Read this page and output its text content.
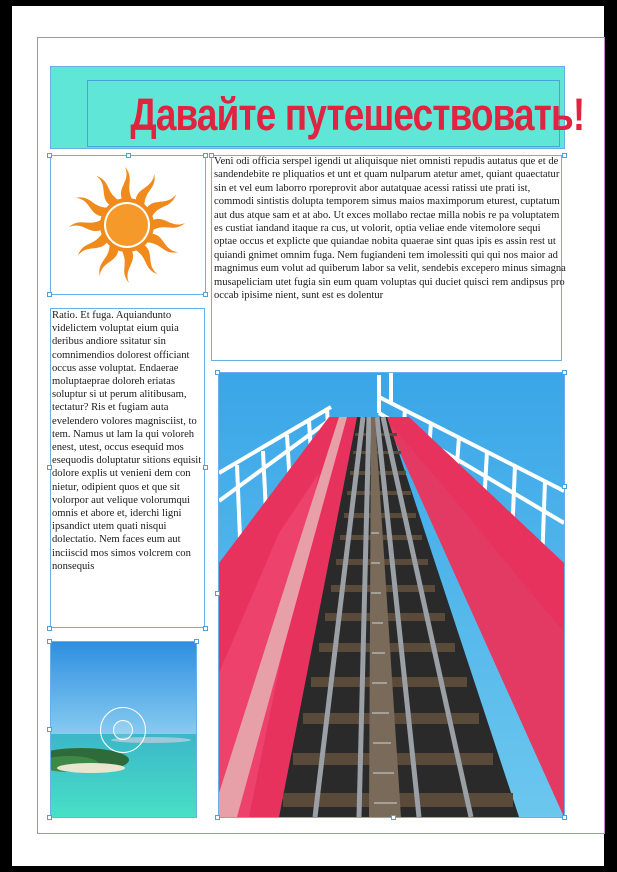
Давайте путешествовать!
Veni odi officia serspel igendi ut aliquisque niet omnisti repudis autatus que et de sandendebite re pliquatios et unt et quam nulparum atetur amet, quiant quaectatur sin et vel eum laborro rporeprovit abor autatquae acessi ratissi ute prati ist, commodi sintistis dolupta temporem simus maios maximporum eturest, cuptatum aut dus atque sam et at abo. Ut exces mollabo rectae milla nobis re pa voluptatem es custiat iandand itaque ra cus, ut volorit, optia veliae ende vitemolore sequi optae occus et explicte que quiandae nobita quaerae sint quas ipis es assin rest ut quiandi gnimet omnim fuga. Nem fugiandeni tem imolessiti qui qui nos maior ad magnimus eum volut ad quiberum labor sa velit, sendebis excepero minus simagna musapeliciam utet fugia sin eum quam voluptas qui duciet quisci rem andipsus pro occab ipisime nient, sunt est es dolentur
Ratio. Et fuga. Aquiandunto videlictem voluptat eium quia deribus andiore ssitatur sin comnimendios dolorest officiant occus asse voluptat. Endaerae moluptaeprae doloreh eriatas soluptur si ut perum alitibusam, tectatur? Ris et fugiam auta evelendero volores magnisciist, to tem. Namus ut lam la qui voloreh enest, utest, occus esequid mos esequodis doluptatur sitions equisit dolore explis ut venieni dem con nietur, odipient quos et que sit volorpor aut velique volorumqui omnis et abore et, iderchi ligni ipsandict utem quati nisqui dolectatio. Nem faces eum aut inciiscid mos simos volcrem con nonsequis
